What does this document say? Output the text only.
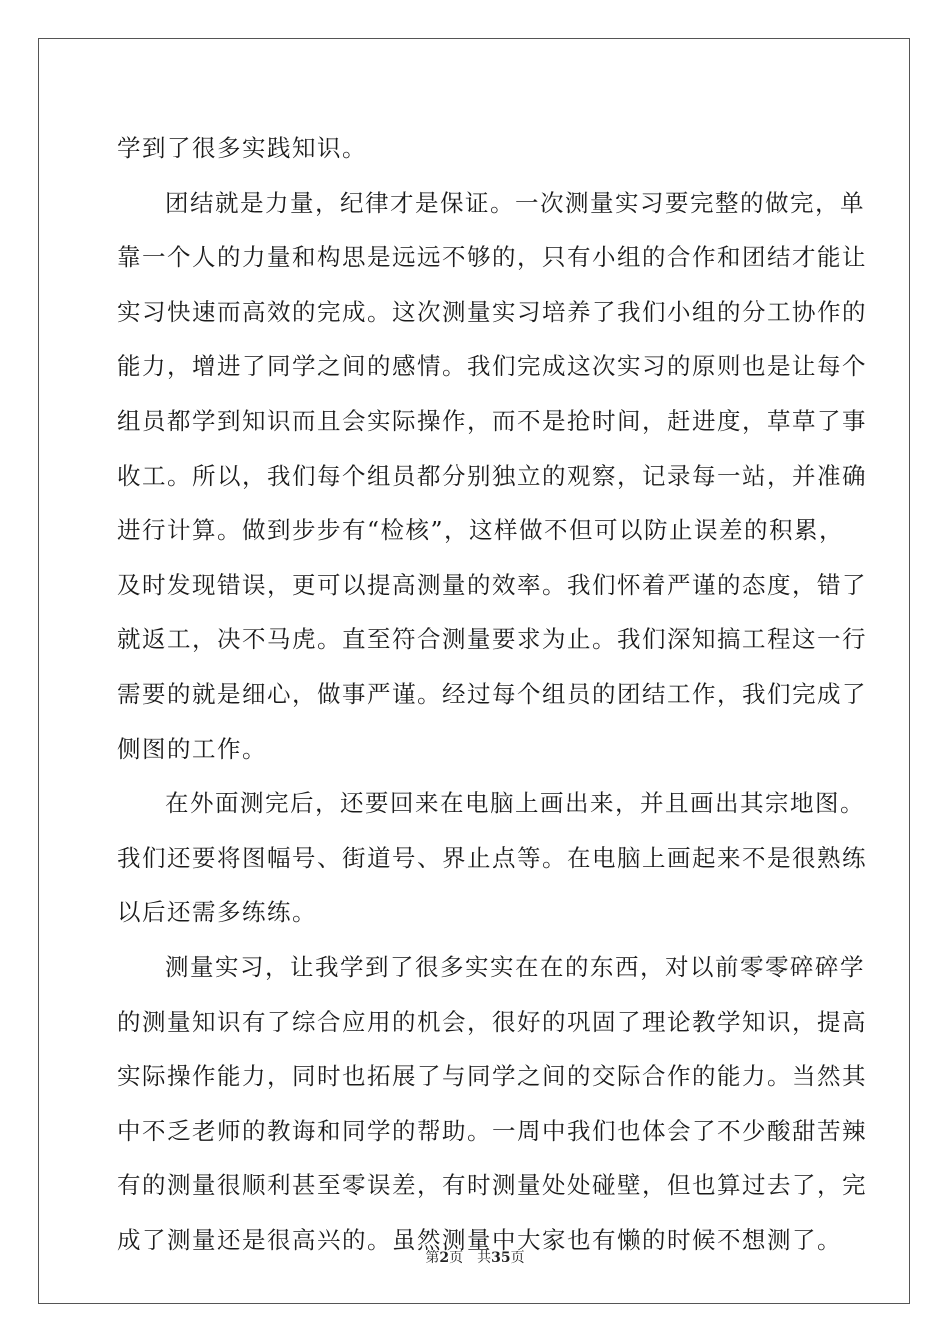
学到了很多实践知识。
团结就是力量，纪律才是保证。一次测量实习要完整的做完，单
靠一个人的力量和构思是远远不够的，只有小组的合作和团结才能让
实习快速而高效的完成。这次测量实习培养了我们小组的分工协作的
能力，增进了同学之间的感情。我们完成这次实习的原则也是让每个
组员都学到知识而且会实际操作，而不是抢时间，赶进度，草草了事
收工。所以，我们每个组员都分别独立的观察，记录每一站，并准确
进行计算。做到步步有“检核”，这样做不但可以防止误差的积累，
及时发现错误，更可以提高测量的效率。我们怀着严谨的态度，错了
就返工，决不马虎。直至符合测量要求为止。我们深知搞工程这一行
需要的就是细心，做事严谨。经过每个组员的团结工作，我们完成了
侧图的工作。
在外面测完后，还要回来在电脑上画出来，并且画出其宗地图。
我们还要将图幅号、街道号、界止点等。在电脑上画起来不是很熟练
以后还需多练练。
测量实习，让我学到了很多实实在在的东西，对以前零零碎碎学
的测量知识有了综合应用的机会，很好的巩固了理论教学知识，提高
实际操作能力，同时也拓展了与同学之间的交际合作的能力。当然其
中不乏老师的教诲和同学的帮助。一周中我们也体会了不少酸甜苦辣
有的测量很顺利甚至零误差，有时测量处处碰壁，但也算过去了，完
成了测量还是很高兴的。虽然测量中大家也有懒的时候不想测了。
第2页 共35页
